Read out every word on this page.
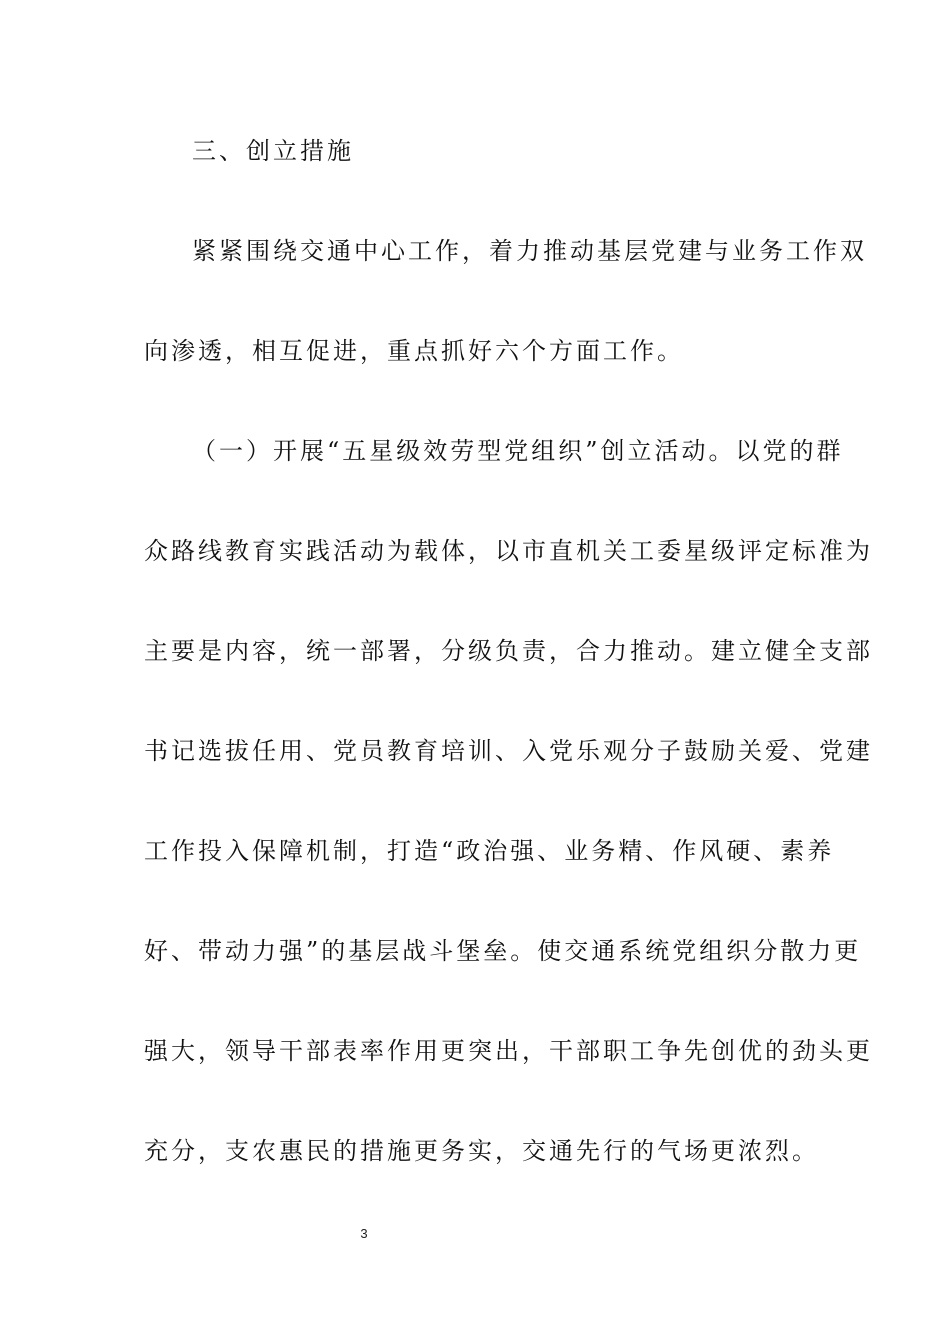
三、创立措施
紧紧围绕交通中心工作，着力推动基层党建与业务工作双
向渗透，相互促进，重点抓好六个方面工作。
（一）开展“五星级效劳型党组织”创立活动。以党的群
众路线教育实践活动为载体，以市直机关工委星级评定标准为
主要是内容，统一部署，分级负责，合力推动。建立健全支部
书记选拔任用、党员教育培训、入党乐观分子鼓励关爱、党建
工作投入保障机制，打造“政治强、业务精、作风硬、素养
好、带动力强”的基层战斗堡垒。使交通系统党组织分散力更
强大，领导干部表率作用更突出，干部职工争先创优的劲头更
充分，支农惠民的措施更务实，交通先行的气场更浓烈。
3
